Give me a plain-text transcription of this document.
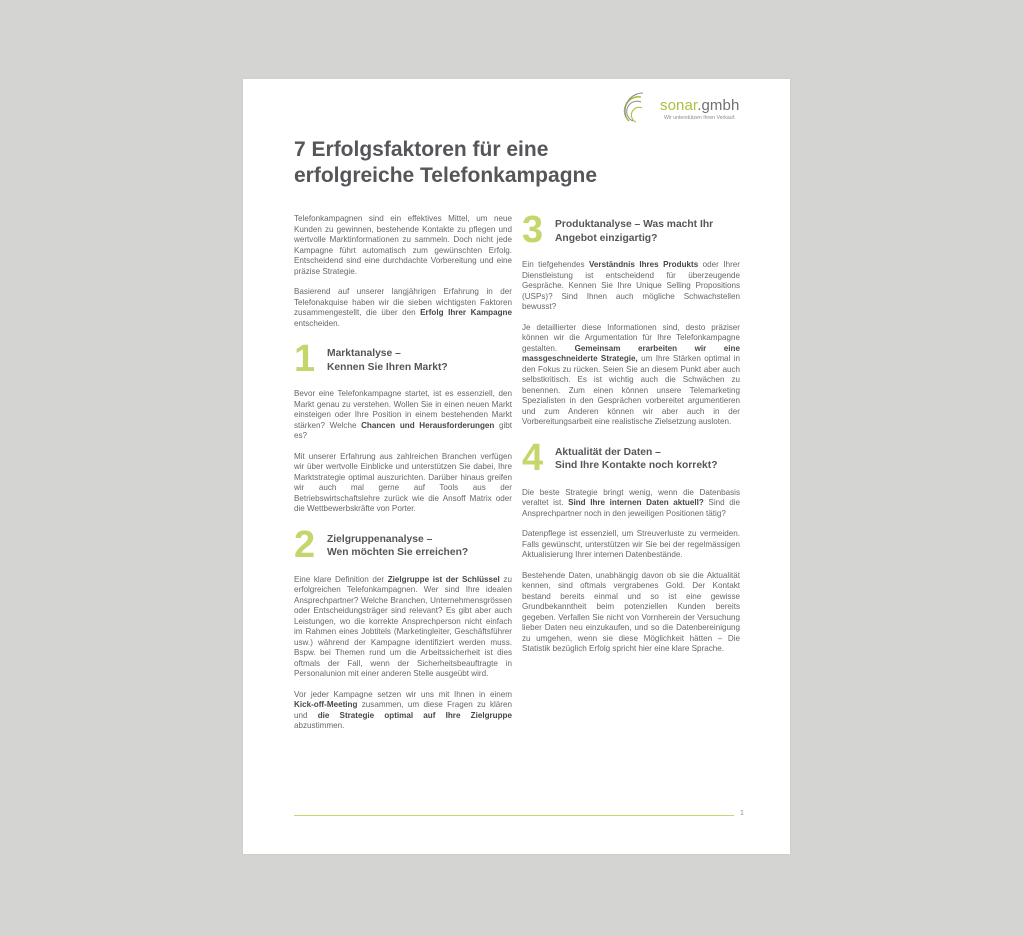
sonar.gmbh
Wir unterstützen Ihren Verkauf.
7 Erfolgsfaktoren für eine
erfolgreiche Telefonkampagne

Telefonkampagnen sind ein effektives Mittel, um neue Kunden zu gewinnen, bestehende Kontakte zu pflegen und wertvolle Marktinformationen zu sammeln. Doch nicht jede Kampagne führt automatisch zum gewünschten Erfolg. Entscheidend sind eine durchdachte Vorbereitung und eine präzise Strategie.

Basierend auf unserer langjährigen Erfahrung in der Telefonakquise haben wir die sieben wichtigsten Faktoren zusammengestellt, die über den Erfolg Ihrer Kampagne entscheiden.

1 Marktanalyse –
Kennen Sie Ihren Markt?

Bevor eine Telefonkampagne startet, ist es essenziell, den Markt genau zu verstehen. Wollen Sie in einen neuen Markt einsteigen oder Ihre Position in einem bestehenden Markt stärken? Welche Chancen und Herausforderungen gibt es?

Mit unserer Erfahrung aus zahlreichen Branchen verfügen wir über wertvolle Einblicke und unterstützen Sie dabei, Ihre Marktstrategie optimal auszurichten. Darüber hinaus greifen wir auch mal gerne auf Tools aus der Betriebswirtschaftslehre zurück wie die Ansoff Matrix oder die Wettbewerbskräfte von Porter.

2 Zielgruppenanalyse –
Wen möchten Sie erreichen?

Eine klare Definition der Zielgruppe ist der Schlüssel zu erfolgreichen Telefonkampagnen. Wer sind Ihre idealen Ansprechpartner? Welche Branchen, Unternehmensgrössen oder Entscheidungsträger sind relevant? Es gibt aber auch Leistungen, wo die korrekte Ansprechperson nicht einfach im Rahmen eines Jobtitels (Marketingleiter, Geschäftsführer usw.) während der Kampagne identifiziert werden muss. Bspw. bei Themen rund um die Arbeitssicherheit ist dies oftmals der Fall, wenn der Sicherheitsbeauftragte in Personalunion mit einer anderen Stelle ausgeübt wird.

Vor jeder Kampagne setzen wir uns mit Ihnen in einem Kick-off-Meeting zusammen, um diese Fragen zu klären und die Strategie optimal auf Ihre Zielgruppe abzustimmen.

3 Produktanalyse – Was macht Ihr
Angebot einzigartig?

Ein tiefgehendes Verständnis Ihres Produkts oder Ihrer Dienstleistung ist entscheidend für überzeugende Gespräche. Kennen Sie Ihre Unique Selling Propositions (USPs)? Sind Ihnen auch mögliche Schwachstellen bewusst?

Je detaillierter diese Informationen sind, desto präziser können wir die Argumentation für Ihre Telefonkampagne gestalten. Gemeinsam erarbeiten wir eine massgeschneiderte Strategie, um Ihre Stärken optimal in den Fokus zu rücken. Seien Sie an diesem Punkt aber auch selbstkritisch. Es ist wichtig auch die Schwächen zu benennen. Zum einen können unsere Telemarketing Spezialisten in den Gesprächen vorbereitet argumentieren und zum Anderen können wir aber auch in der Vorbereitungsarbeit eine realistische Zielsetzung ausloten.

4 Aktualität der Daten –
Sind Ihre Kontakte noch korrekt?

Die beste Strategie bringt wenig, wenn die Datenbasis veraltet ist. Sind Ihre internen Daten aktuell? Sind die Ansprechpartner noch in den jeweiligen Positionen tätig?

Datenpflege ist essenziell, um Streuverluste zu vermeiden. Falls gewünscht, unterstützen wir Sie bei der regelmässigen Aktualisierung Ihrer internen Datenbestände.

Bestehende Daten, unabhängig davon ob sie die Aktualität kennen, sind oftmals vergrabenes Gold. Der Kontakt bestand bereits einmal und so ist eine gewisse Grundbekanntheit beim potenziellen Kunden bereits gegeben. Verfallen Sie nicht von Vornherein der Versuchung lieber Daten neu einzukaufen, und so die Datenbereinigung zu umgehen, wenn sie diese Möglichkeit hätten – Die Statistik bezüglich Erfolg spricht hier eine klare Sprache.

1
